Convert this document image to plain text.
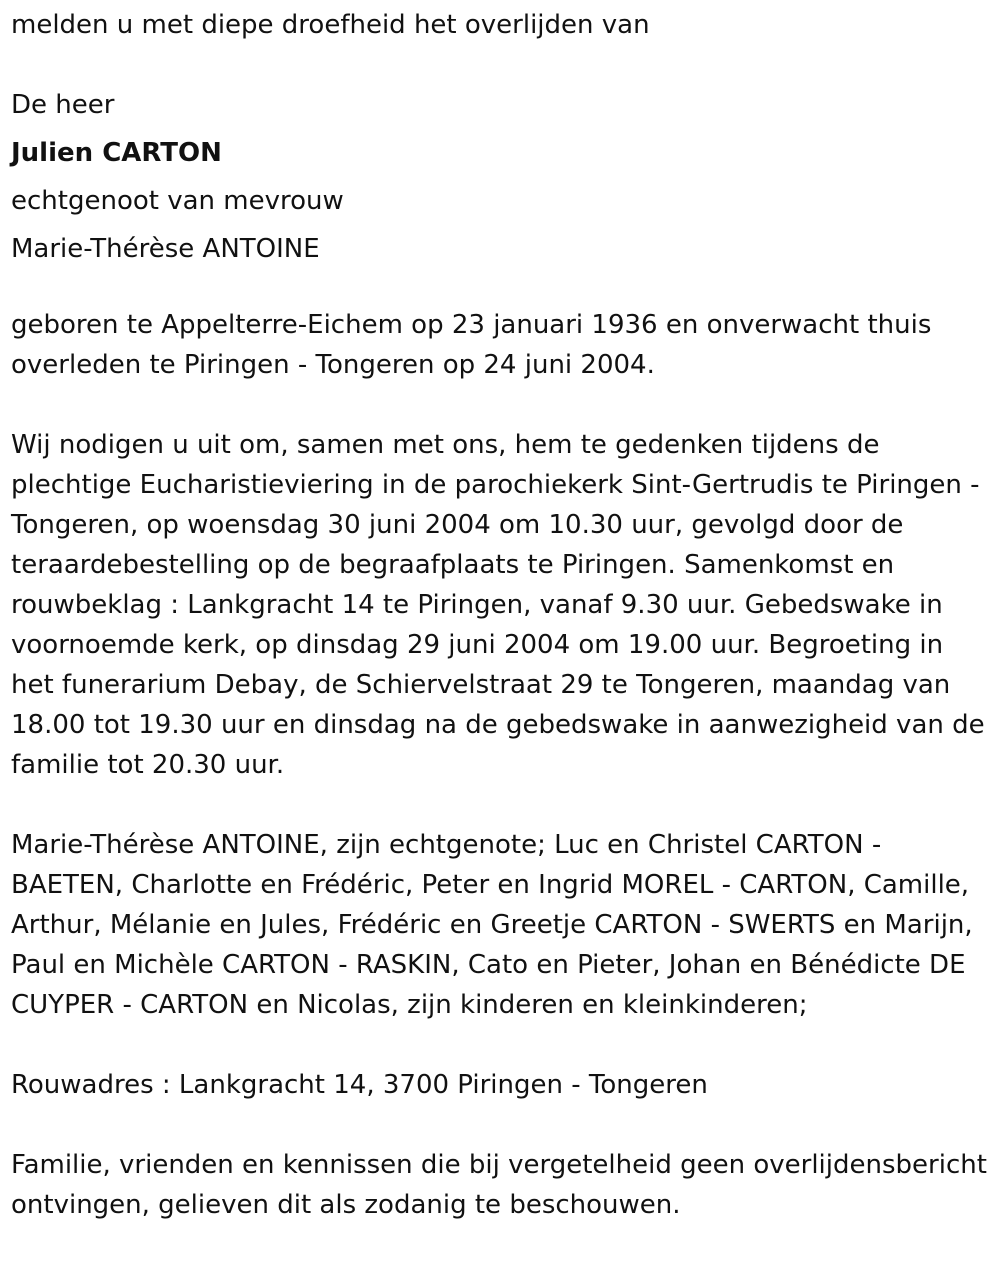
melden u met diepe droefheid het overlijden van

De heer

Julien CARTON

echtgenoot van mevrouw

Marie-Thérèse ANTOINE

geboren te Appelterre-Eichem op 23 januari 1936 en onverwacht thuis overleden te Piringen - Tongeren op 24 juni 2004.

Wij nodigen u uit om, samen met ons, hem te gedenken tijdens de plechtige Eucharistieviering in de parochiekerk Sint-Gertrudis te Piringen - Tongeren, op woensdag 30 juni 2004 om 10.30 uur, gevolgd door de teraardebestelling op de begraafplaats te Piringen. Samenkomst en rouwbeklag : Lankgracht 14 te Piringen, vanaf 9.30 uur. Gebedswake in voornoemde kerk, op dinsdag 29 juni 2004 om 19.00 uur. Begroeting in het funerarium Debay, de Schiervelstraat 29 te Tongeren, maandag van 18.00 tot 19.30 uur en dinsdag na de gebedswake in aanwezigheid van de familie tot 20.30 uur.

Marie-Thérèse ANTOINE, zijn echtgenote; Luc en Christel CARTON - BAETEN, Charlotte en Frédéric, Peter en Ingrid MOREL - CARTON, Camille, Arthur, Mélanie en Jules, Frédéric en Greetje CARTON - SWERTS en Marijn, Paul en Michèle CARTON - RASKIN, Cato en Pieter, Johan en Bénédicte DE CUYPER - CARTON en Nicolas, zijn kinderen en kleinkinderen;

Rouwadres : Lankgracht 14, 3700 Piringen - Tongeren

Familie, vrienden en kennissen die bij vergetelheid geen overlijdensbericht ontvingen, gelieven dit als zodanig te beschouwen.
